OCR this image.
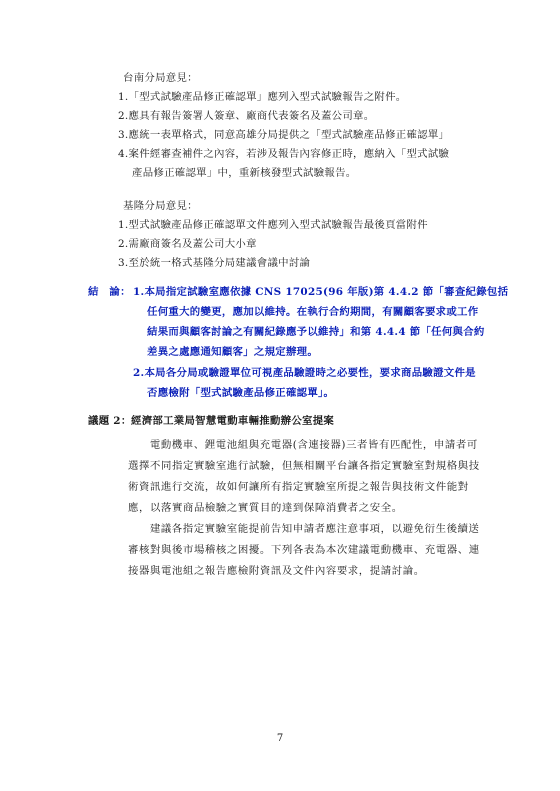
台南分局意見：
1.「型式試驗產品修正確認單」應列入型式試驗報告之附件。
2.應具有報告簽署人簽章、廠商代表簽名及蓋公司章。
3.應統一表單格式，同意高雄分局提供之「型式試驗產品修正確認單」
4.案件經審查補件之內容，若涉及報告內容修正時，應納入「型式試驗
產品修正確認單」中，重新核發型式試驗報告。
基隆分局意見：
1.型式試驗產品修正確認單文件應列入型式試驗報告最後頁當附件
2.需廠商簽名及蓋公司大小章
3.至於統一格式基隆分局建議會議中討論
結　論： 1.本局指定試驗室應依據 CNS 17025(96 年版)第 4.4.2 節「審查紀錄包括
任何重大的變更，應加以維持。在執行合約期間，有關顧客要求或工作
結果而與顧客討論之有關紀錄應予以維持」和第 4.4.4 節「任何與合約
差異之處應通知顧客」之規定辦理。
2.本局各分局或驗證單位可視產品驗證時之必要性，要求商品驗證文件是
否應檢附「型式試驗產品修正確認單」。
議題 2： 經濟部工業局智慧電動車輛推動辦公室提案
電動機車、鋰電池組與充電器(含連接器)三者皆有匹配性，申請者可選擇不同指定實驗室進行試驗，但無相關平台讓各指定實驗室對規格與技術資訊進行交流，故如何讓所有指定實驗室所提之報告與技術文件能對應，以落實商品檢驗之實質目的達到保障消費者之安全。
建議各指定實驗室能提前告知申請者應注意事項，以避免衍生後續送審核對與後市場稽核之困擾。下列各表為本次建議電動機車、充電器、連接器與電池組之報告應檢附資訊及文件內容要求，提請討論。
7
